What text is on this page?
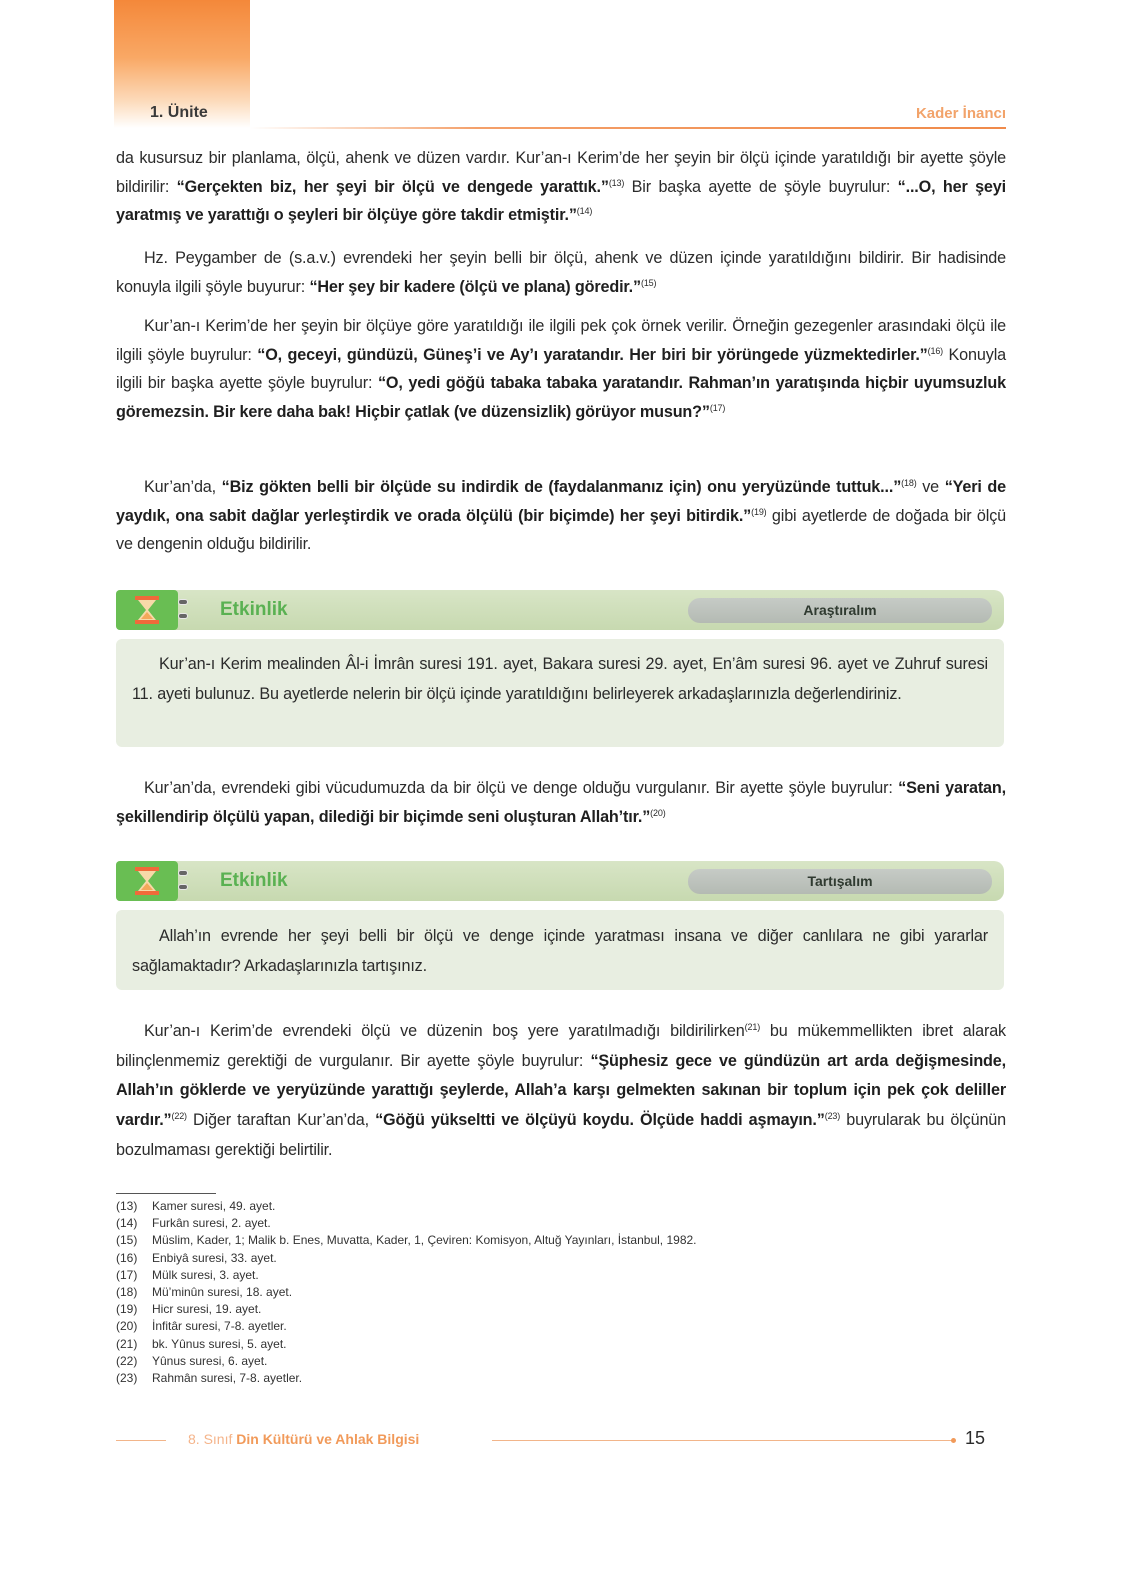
1. Ünite	Kader İnancı

da kusursuz bir planlama, ölçü, ahenk ve düzen vardır. Kur’an-ı Kerim’de her şeyin bir ölçü içinde yaratıldığı bir ayette şöyle bildirilir: “Gerçekten biz, her şeyi bir ölçü ve dengede yarattık.”$^{(13)}$ Bir başka ayette de şöyle buyrulur: “...O, her şeyi yaratmış ve yarattığı o şeyleri bir ölçüye göre takdir etmiştir.”$^{(14)}$

Hz. Peygamber de (s.a.v.) evrendeki her şeyin belli bir ölçü, ahenk ve düzen içinde yaratıldığını bildirir. Bir hadisinde konuyla ilgili şöyle buyurur: “Her şey bir kadere (ölçü ve plana) göredir.”$^{(15)}$

Kur’an-ı Kerim’de her şeyin bir ölçüye göre yaratıldığı ile ilgili pek çok örnek verilir. Örneğin gezegenler arasındaki ölçü ile ilgili şöyle buyrulur: “O, geceyi, gündüzü, Güneş’i ve Ay’ı yaratandır. Her biri bir yörüngede yüzmektedirler.”$^{(16)}$ Konuyla ilgili bir başka ayette şöyle buyrulur: “O, yedi göğü tabaka tabaka yaratandır. Rahman’ın yaratışında hiçbir uyumsuzluk göremezsin. Bir kere daha bak! Hiçbir çatlak (ve düzensizlik) görüyor musun?”$^{(17)}$

Kur’an’da, “Biz gökten belli bir ölçüde su indirdik de (faydalanmanız için) onu yeryüzünde tuttuk...”$^{(18)}$ ve “Yeri de yaydık, ona sabit dağlar yerleştirdik ve orada ölçülü (bir biçimde) her şeyi bitirdik.”$^{(19)}$ gibi ayetlerde de doğada bir ölçü ve dengenin olduğu bildirilir.

Etkinlik	Araştıralım

Kur’an-ı Kerim mealinden Âl-i İmrân suresi 191. ayet, Bakara suresi 29. ayet, En’âm suresi 96. ayet ve Zuhruf suresi 11. ayeti bulunuz. Bu ayetlerde nelerin bir ölçü içinde yaratıldığını belirleyerek arkadaşlarınızla değerlendiriniz.

Kur’an’da, evrendeki gibi vücudumuzda da bir ölçü ve denge olduğu vurgulanır. Bir ayette şöyle buyrulur: “Seni yaratan, şekillendirip ölçülü yapan, dilediği bir biçimde seni oluşturan Allah’tır.”$^{(20)}$

Etkinlik	Tartışalım

Allah’ın evrende her şeyi belli bir ölçü ve denge içinde yaratması insana ve diğer canlılara ne gibi yararlar sağlamaktadır? Arkadaşlarınızla tartışınız.

Kur’an-ı Kerim’de evrendeki ölçü ve düzenin boş yere yaratılmadığı bildirilirken$^{(21)}$ bu mükemmellikten ibret alarak bilinçlenmemiz gerektiği de vurgulanır. Bir ayette şöyle buyrulur: “Şüphesiz gece ve gündüzün art arda değişmesinde, Allah’ın göklerde ve yeryüzünde yarattığı şeylerde, Allah’a karşı gelmekten sakınan bir toplum için pek çok deliller vardır.”$^{(22)}$ Diğer taraftan Kur’an’da, “Göğü yükseltti ve ölçüyü koydu. Ölçüde haddi aşmayın.”$^{(23)}$ buyrularak bu ölçünün bozulmaması gerektiği belirtilir.

(13) Kamer suresi, 49. ayet.
(14) Furkân suresi, 2. ayet.
(15) Müslim, Kader, 1; Malik b. Enes, Muvatta, Kader, 1, Çeviren: Komisyon, Altuğ Yayınları, İstanbul, 1982.
(16) Enbiyâ suresi, 33. ayet.
(17) Mülk suresi, 3. ayet.
(18) Mü’minûn suresi, 18. ayet.
(19) Hicr suresi, 19. ayet.
(20) İnfitâr suresi, 7-8. ayetler.
(21) bk. Yûnus suresi, 5. ayet.
(22) Yûnus suresi, 6. ayet.
(23) Rahmân suresi, 7-8. ayetler.
8. Sınıf Din Kültürü ve Ahlak Bilgisi	15
